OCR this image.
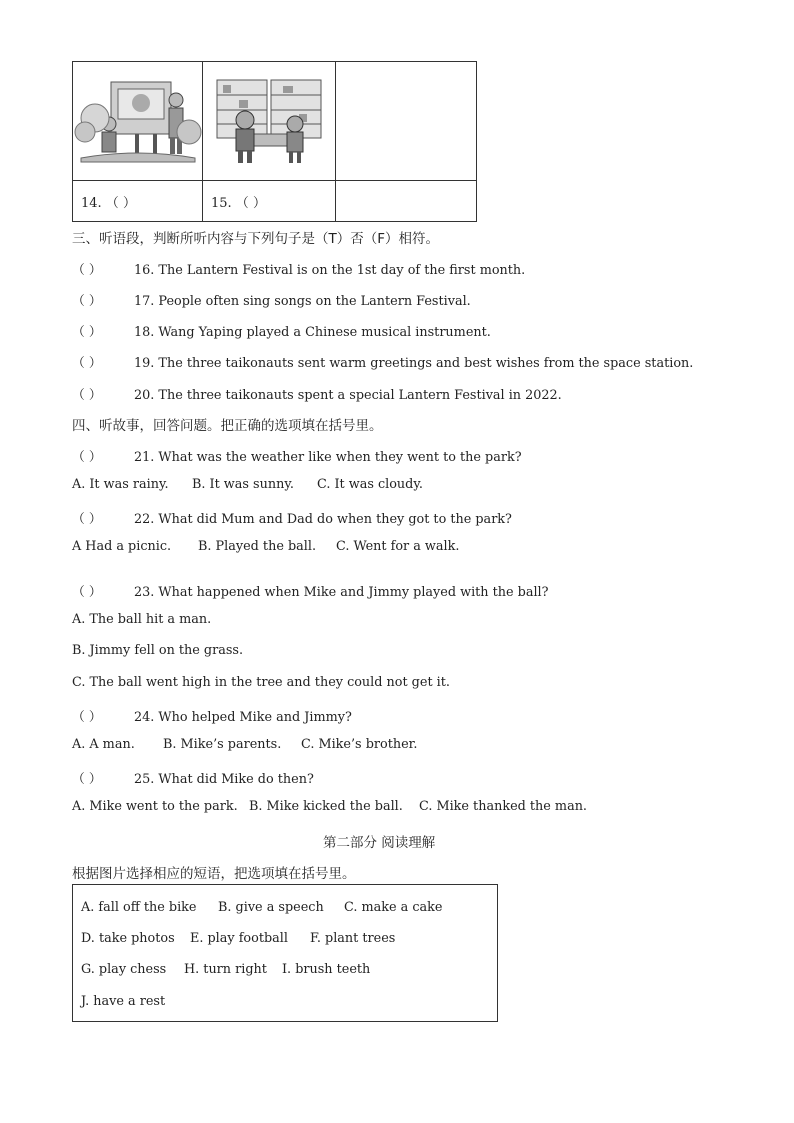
14. （ ）	15. （ ）	
三、听语段，判断所听内容与下列句子是（T）否（F）相符。
（ ）	16. The Lantern Festival is on the 1st day of the first month.
（ ）	17. People often sing songs on the Lantern Festival.
（ ）	18. Wang Yaping played a Chinese musical instrument.
（ ）	19. The three taikonauts sent warm greetings and best wishes from the space station.
（ ）	20. The three taikonauts spent a special Lantern Festival in 2022.
四、听故事，回答问题。把正确的选项填在括号里。
（ ）	21. What was the weather like when they went to the park?
A. It was rainy. B. It was sunny. C. It was cloudy.
（ ）	22. What did Mum and Dad do when they got to the park?
A Had a picnic. B. Played the ball. C. Went for a walk.
（ ）	23. What happened when Mike and Jimmy played with the ball?
A. The ball hit a man.
B. Jimmy fell on the grass.
C. The ball went high in the tree and they could not get it.
（ ）	24. Who helped Mike and Jimmy?
A. A man. B. Mike’s parents. C. Mike’s brother.
（ ）	25. What did Mike do then?
A. Mike went to the park. B. Mike kicked the ball. C. Mike thanked the man.
第二部分 阅读理解
根据图片选择相应的短语，把选项填在括号里。
A. fall off the bike B. give a speech C. make a cake
D. take photos E. play football F. plant trees
G. play chess H. turn right I. brush teeth
J. have a rest
